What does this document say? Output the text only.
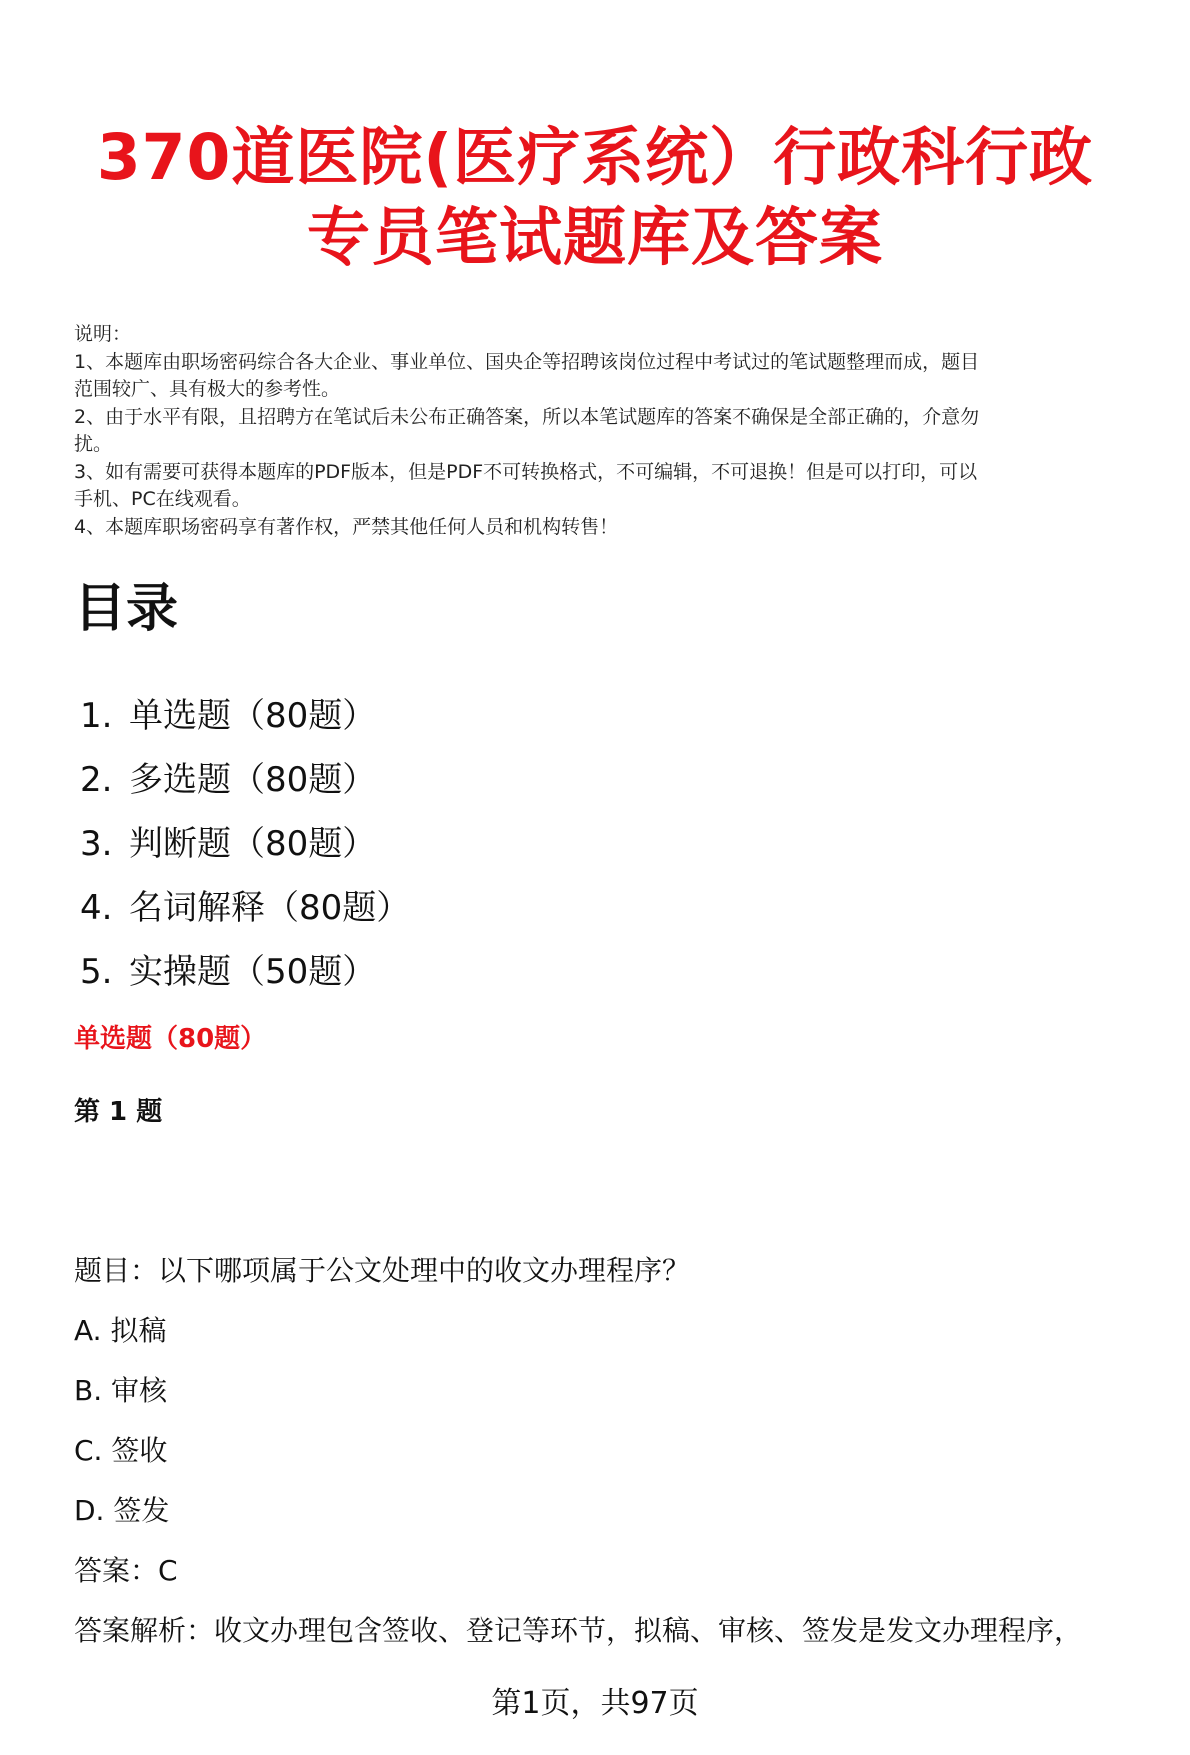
370道医院(医疗系统）行政科行政
专员笔试题库及答案
说明：
1、本题库由职场密码综合各大企业、事业单位、国央企等招聘该岗位过程中考试过的笔试题整理而成，题目
范围较广、具有极大的参考性。
2、由于水平有限，且招聘方在笔试后未公布正确答案，所以本笔试题库的答案不确保是全部正确的，介意勿
扰。
3、如有需要可获得本题库的PDF版本，但是PDF不可转换格式，不可编辑，不可退换！但是可以打印，可以
手机、PC在线观看。
4、本题库职场密码享有著作权，严禁其他任何人员和机构转售！
目录
1. 单选题（80题）
2. 多选题（80题）
3. 判断题（80题）
4. 名词解释（80题）
5. 实操题（50题）
单选题（80题）
第 1 题
题目：以下哪项属于公文处理中的收文办理程序？
A. 拟稿
B. 审核
C. 签收
D. 签发
答案：C
答案解析：收文办理包含签收、登记等环节，拟稿、审核、签发是发文办理程序，
第1页，共97页
